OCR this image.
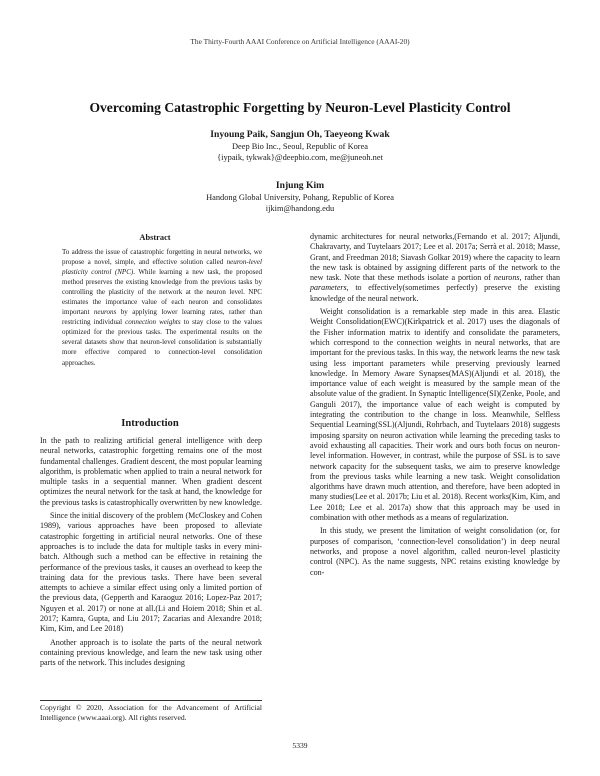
The Thirty-Fourth AAAI Conference on Artificial Intelligence (AAAI-20)
Overcoming Catastrophic Forgetting by Neuron-Level Plasticity Control
Inyoung Paik, Sangjun Oh, Taeyeong Kwak
Deep Bio Inc., Seoul, Republic of Korea
{iypaik, tykwak}@deepbio.com, me@juneoh.net
Injung Kim
Handong Global University, Pohang, Republic of Korea
ijkim@handong.edu
Abstract
To address the issue of catastrophic forgetting in neural networks, we propose a novel, simple, and effective solution called neuron-level plasticity control (NPC). While learning a new task, the proposed method preserves the existing knowledge from the previous tasks by controlling the plasticity of the network at the neuron level. NPC estimates the importance value of each neuron and consolidates important neurons by applying lower learning rates, rather than restricting individual connection weights to stay close to the values optimized for the previous tasks. The experimental results on the several datasets show that neuron-level consolidation is substantially more effective compared to connection-level consolidation approaches.
Introduction

In the path to realizing artificial general intelligence with deep neural networks, catastrophic forgetting remains one of the most fundamental challenges. Gradient descent, the most popular learning algorithm, is problematic when applied to train a neural network for multiple tasks in a sequential manner. When gradient descent optimizes the neural network for the task at hand, the knowledge for the previous tasks is catastrophically overwritten by new knowledge.

Since the initial discovery of the problem (McCloskey and Cohen 1989), various approaches have been proposed to alleviate catastrophic forgetting in artificial neural networks. One of these approaches is to include the data for multiple tasks in every mini-batch. Although such a method can be effective in retaining the performance of the previous tasks, it causes an overhead to keep the training data for the previous tasks. There have been several attempts to achieve a similar effect using only a limited portion of the previous data, (Gepperth and Karaoguz 2016; Lopez-Paz 2017; Nguyen et al. 2017) or none at all.(Li and Hoiem 2018; Shin et al. 2017; Kamra, Gupta, and Liu 2017; Zacarias and Alexandre 2018; Kim, Kim, and Lee 2018)

Another approach is to isolate the parts of the neural network containing previous knowledge, and learn the new task using other parts of the network. This includes designing

Copyright © 2020, Association for the Advancement of Artificial Intelligence (www.aaai.org). All rights reserved.

dynamic architectures for neural networks,(Fernando et al. 2017; Aljundi, Chakravarty, and Tuytelaars 2017; Lee et al. 2017a; Serrà et al. 2018; Masse, Grant, and Freedman 2018; Siavash Golkar 2019) where the capacity to learn the new task is obtained by assigning different parts of the network to the new task. Note that these methods isolate a portion of neurons, rather than parameters, to effectively(sometimes perfectly) preserve the existing knowledge of the neural network.

Weight consolidation is a remarkable step made in this area. Elastic Weight Consolidation(EWC)(Kirkpatrick et al. 2017) uses the diagonals of the Fisher information matrix to identify and consolidate the parameters, which correspond to the connection weights in neural networks, that are important for the previous tasks. In this way, the network learns the new task using less important parameters while preserving previously learned knowledge. In Memory Aware Synapses(MAS)(Aljundi et al. 2018), the importance value of each weight is measured by the sample mean of the absolute value of the gradient. In Synaptic Intelligence(SI)(Zenke, Poole, and Ganguli 2017), the importance value of each weight is computed by integrating the contribution to the change in loss. Meanwhile, Selfless Sequential Learning(SSL)(Aljundi, Rohrbach, and Tuytelaars 2018) suggests imposing sparsity on neuron activation while learning the preceding tasks to avoid exhausting all capacities. Their work and ours both focus on neuron-level information. However, in contrast, while the purpose of SSL is to save network capacity for the subsequent tasks, we aim to preserve knowledge from the previous tasks while learning a new task. Weight consolidation algorithms have drawn much attention, and therefore, have been adopted in many studies(Lee et al. 2017b; Liu et al. 2018). Recent works(Kim, Kim, and Lee 2018; Lee et al. 2017a) show that this approach may be used in combination with other methods as a means of regularization.

In this study, we present the limitation of weight consolidation (or, for purposes of comparison, ‘connection-level consolidation’) in deep neural networks, and propose a novel algorithm, called neuron-level plasticity control (NPC). As the name suggests, NPC retains existing knowledge by con-

5339
